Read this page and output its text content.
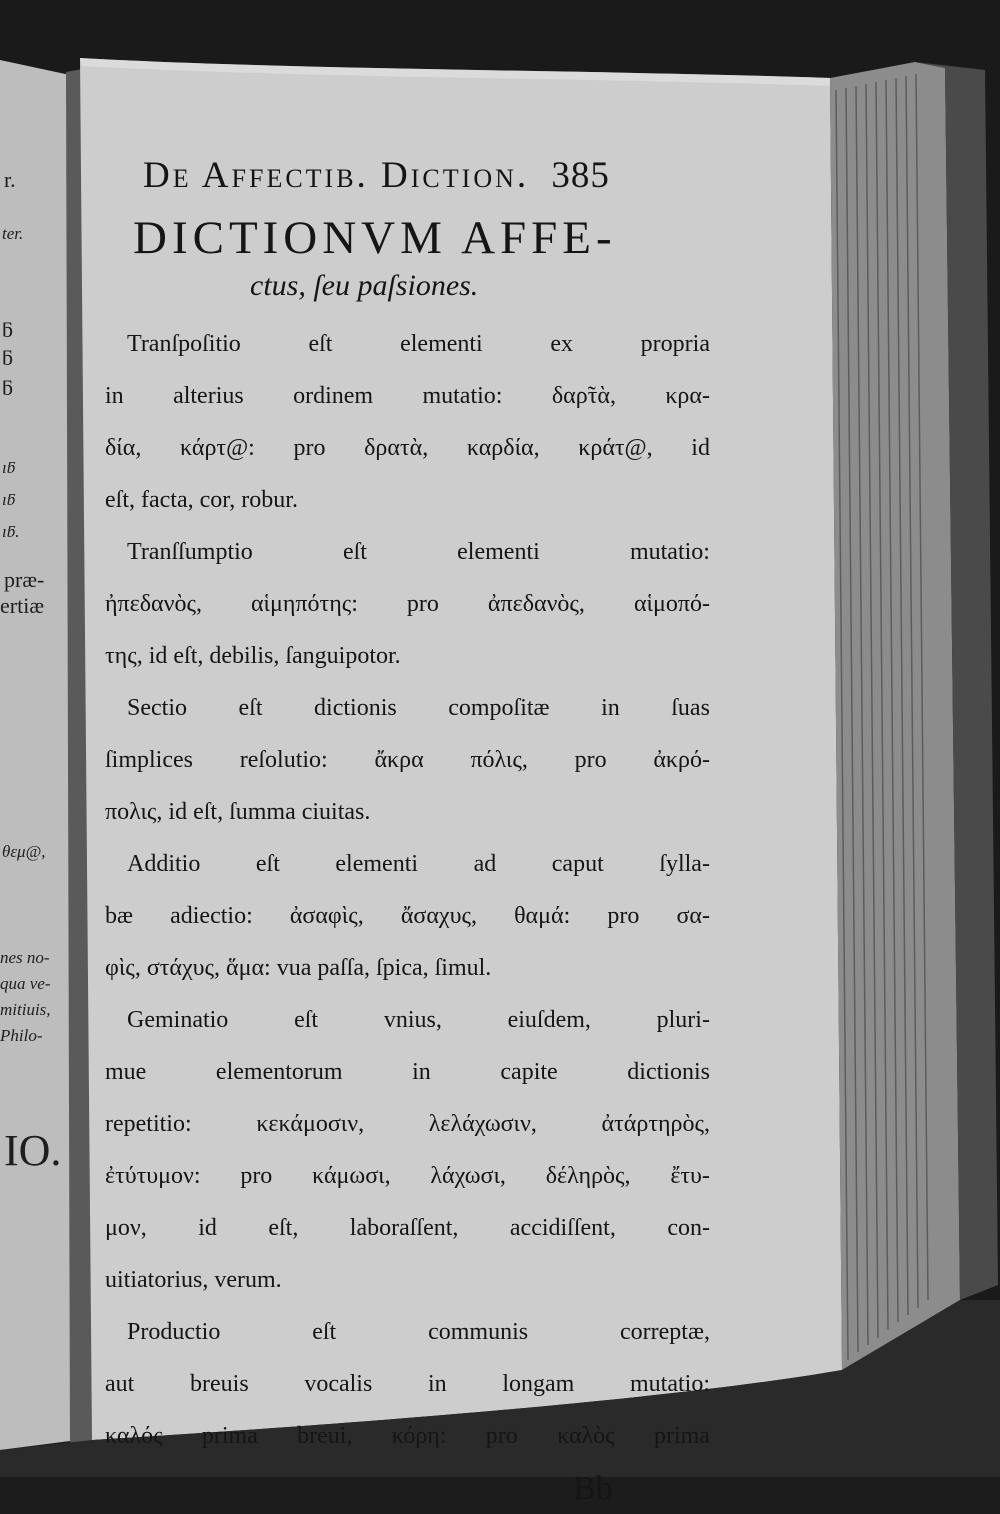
r.
ter.
ƃ
ƃ
ƃ
ıƃ
ıƃ
ıƃ.
præ-
ertiæ
θεμ@,
nes no-
qua ve-
mitiuis,
Philo-
IO.
De Affectib. Diction. 385
DICTIONVM AFFE-
ctus, ſeu paſsiones.
Tranſpoſitio	eſt	elementi	ex	propria
in alterius ordinem mutatio: δαρ̃τὰ, κρα-
δία, κάρτ@: pro δρατὰ, καρδία, κράτ@, id
eſt, facta, cor, robur.
Tranſſumptio	eſt	elementi	mutatio:
ἠπεδανὸς, αἱμηπότης: pro ἀπεδανὸς, αἱμοπό-
της, id eſt, debilis, ſanguipotor.
Sectio eſt dictionis compoſitæ in ſuas
ſimplices reſolutio: ἄκρα πόλις, pro ἀκρό-
πολις, id eſt, ſumma ciuitas.
Additio eſt elementi ad caput ſylla-
bæ adiectio: ἀσαφὶς, ἄσαχυς, θαμά: pro σα-
φὶς, στάχυς, ἅμα: vua paſſa, ſpica, ſimul.
Geminatio	eſt	vnius,	eiuſdem,	pluri-
mue	elementorum	in	capite	dictionis
repetitio:	κεκάμοσιν,	λελάχωσιν,	ἀτάρτηρὸς,
ἐτύτυμον: pro κάμωσι, λάχωσι, δέληρὸς, ἔτυ-
μον, id eſt, laboraſſent, accidiſſent, con-
uitiatorius, verum.
Productio	eſt	communis	correptæ,
aut breuis vocalis in longam mutatio:
καλός prima breui, κόρη: pro καλὸς prima
Bb
